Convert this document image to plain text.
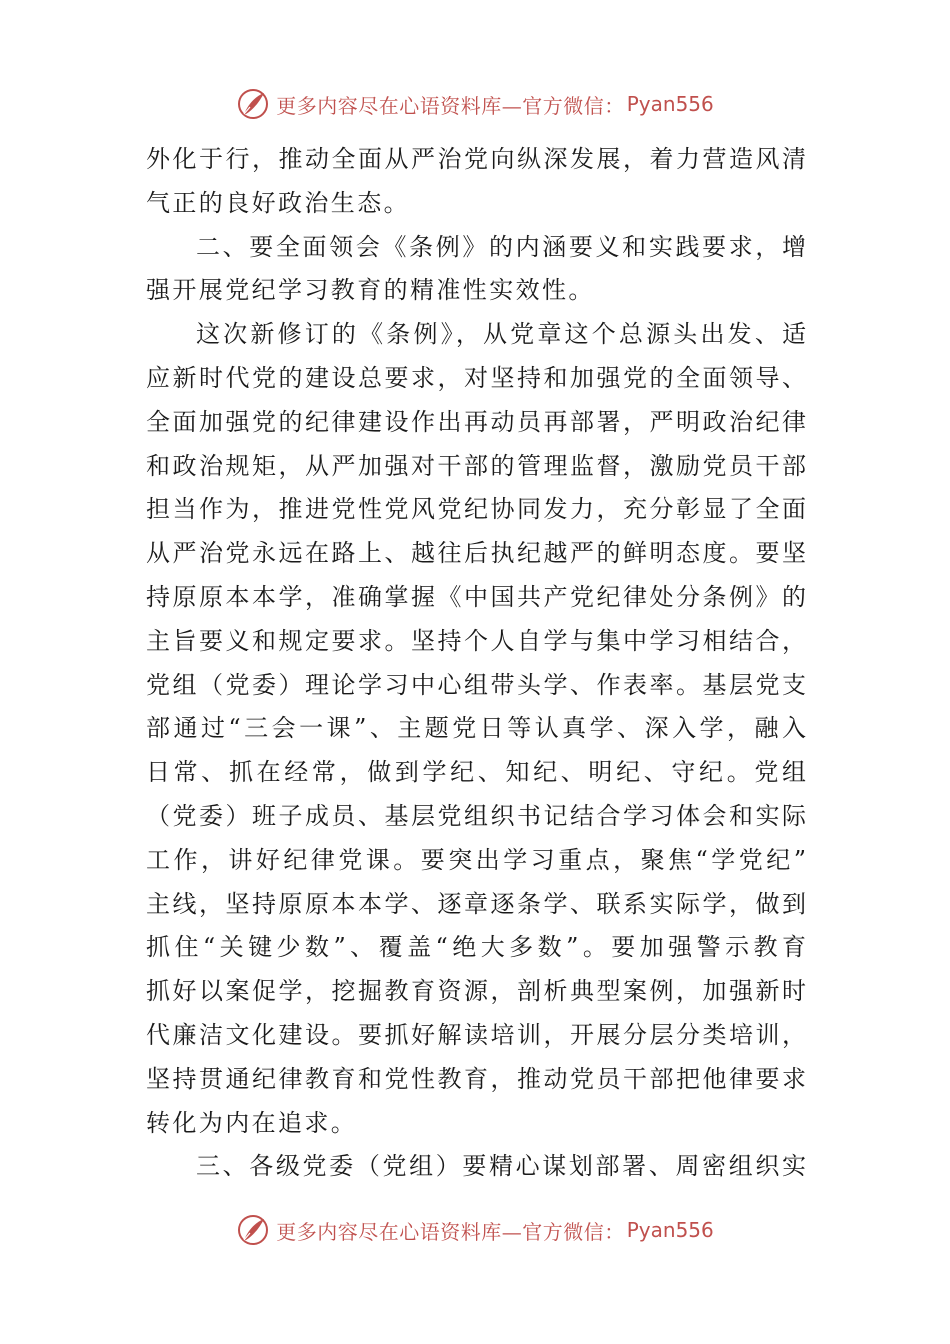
更多内容尽在心语资料库—官方微信： Pyan556
外化于行，推动全面从严治党向纵深发展，着力营造风清
气正的良好政治生态。
二、要全面领会《条例》的内涵要义和实践要求，增
强开展党纪学习教育的精准性实效性。
这次新修订的《条例》，从党章这个总源头出发、适
应新时代党的建设总要求，对坚持和加强党的全面领导、
全面加强党的纪律建设作出再动员再部署，严明政治纪律
和政治规矩，从严加强对干部的管理监督，激励党员干部
担当作为，推进党性党风党纪协同发力，充分彰显了全面
从严治党永远在路上、越往后执纪越严的鲜明态度。要坚
持原原本本学，准确掌握《中国共产党纪律处分条例》的
主旨要义和规定要求。坚持个人自学与集中学习相结合，
党组（党委）理论学习中心组带头学、作表率。基层党支
部通过“三会一课”、主题党日等认真学、深入学，融入
日常、抓在经常，做到学纪、知纪、明纪、守纪。党组
（党委）班子成员、基层党组织书记结合学习体会和实际
工作，讲好纪律党课。要突出学习重点，聚焦“学党纪”
主线，坚持原原本本学、逐章逐条学、联系实际学，做到
抓住“关键少数”、覆盖“绝大多数”。要加强警示教育
抓好以案促学，挖掘教育资源，剖析典型案例，加强新时
代廉洁文化建设。要抓好解读培训，开展分层分类培训，
坚持贯通纪律教育和党性教育，推动党员干部把他律要求
转化为内在追求。
三、各级党委（党组）要精心谋划部署、周密组织实
更多内容尽在心语资料库—官方微信： Pyan556
